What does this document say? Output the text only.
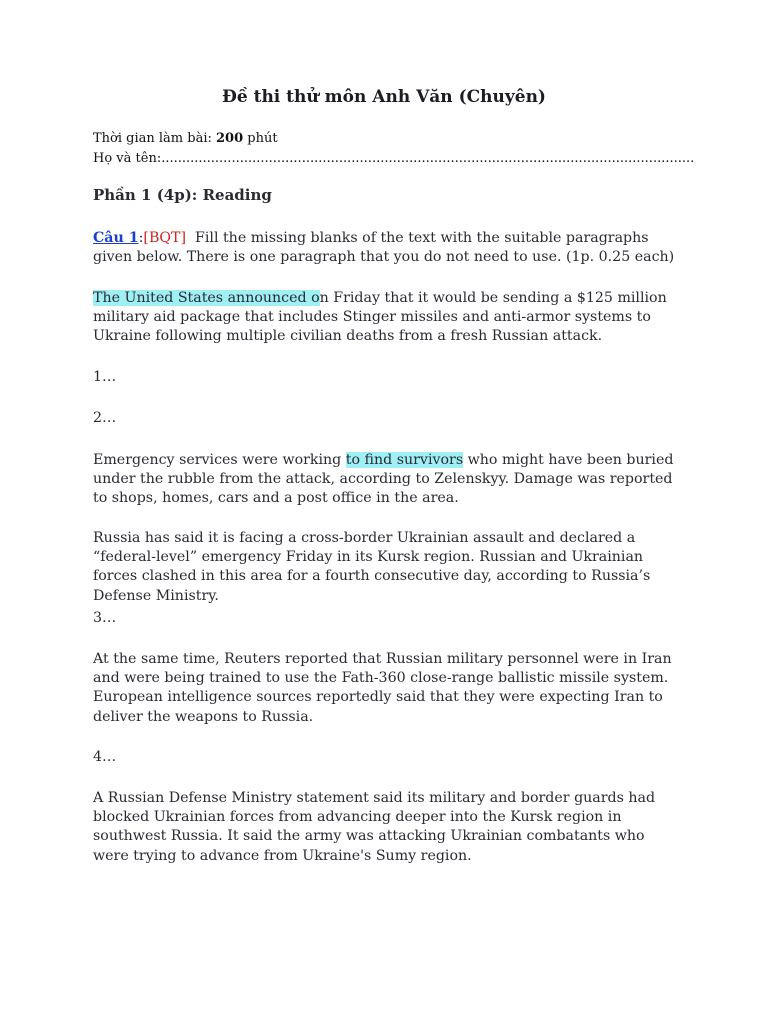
Đề thi thử môn Anh Văn (Chuyên)
Thời gian làm bài: 200 phút
Họ và tên:.................................................................................................................................
Phần 1 (4p): Reading
Câu 1:[BQT]  Fill the missing blanks of the text with the suitable paragraphs given below. There is one paragraph that you do not need to use. (1p. 0.25 each)
The United States announced on Friday that it would be sending a $125 million military aid package that includes Stinger missiles and anti-armor systems to Ukraine following multiple civilian deaths from a fresh Russian attack.
1…
2…
Emergency services were working to find survivors who might have been buried under the rubble from the attack, according to Zelenskyy. Damage was reported to shops, homes, cars and a post office in the area.
Russia has said it is facing a cross-border Ukrainian assault and declared a “federal-level” emergency Friday in its Kursk region. Russian and Ukrainian forces clashed in this area for a fourth consecutive day, according to Russia’s Defense Ministry.
3…
At the same time, Reuters reported that Russian military personnel were in Iran and were being trained to use the Fath-360 close-range ballistic missile system. European intelligence sources reportedly said that they were expecting Iran to deliver the weapons to Russia.
4…
A Russian Defense Ministry statement said its military and border guards had blocked Ukrainian forces from advancing deeper into the Kursk region in southwest Russia. It said the army was attacking Ukrainian combatants who were trying to advance from Ukraine's Sumy region.
